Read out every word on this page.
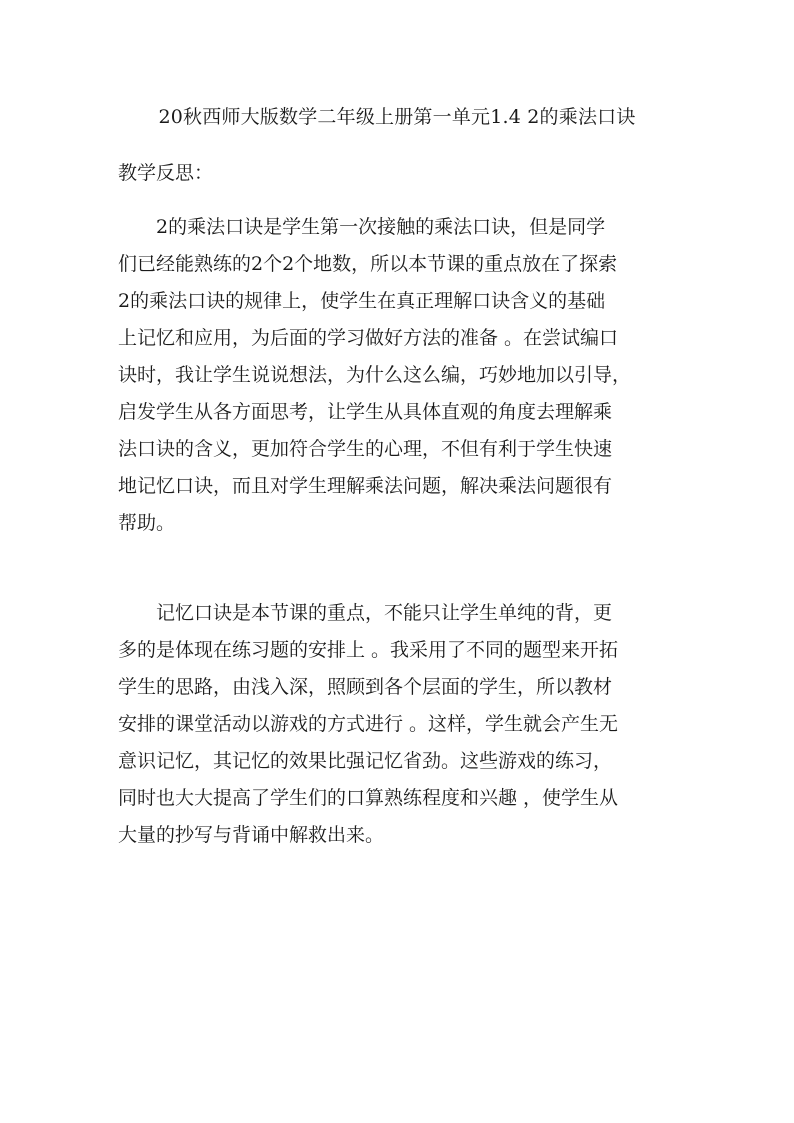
20秋西师大版数学二年级上册第一单元1.4 2的乘法口诀
教学反思：
　　2的乘法口诀是学生第一次接触的乘法口诀，但是同学
们已经能熟练的2个2个地数，所以本节课的重点放在了探索
2的乘法口诀的规律上，使学生在真正理解口诀含义的基础
上记忆和应用，为后面的学习做好方法的准备 。在尝试编口
诀时，我让学生说说想法，为什么这么编，巧妙地加以引导，
启发学生从各方面思考，让学生从具体直观的角度去理解乘
法口诀的含义，更加符合学生的心理，不但有利于学生快速
地记忆口诀，而且对学生理解乘法问题，解决乘法问题很有
帮助。
　　记忆口诀是本节课的重点，不能只让学生单纯的背，更
多的是体现在练习题的安排上 。我采用了不同的题型来开拓
学生的思路，由浅入深，照顾到各个层面的学生，所以教材
安排的课堂活动以游戏的方式进行 。这样，学生就会产生无
意识记忆，其记忆的效果比强记忆省劲。这些游戏的练习，
同时也大大提高了学生们的口算熟练程度和兴趣 ，使学生从
大量的抄写与背诵中解救出来。
